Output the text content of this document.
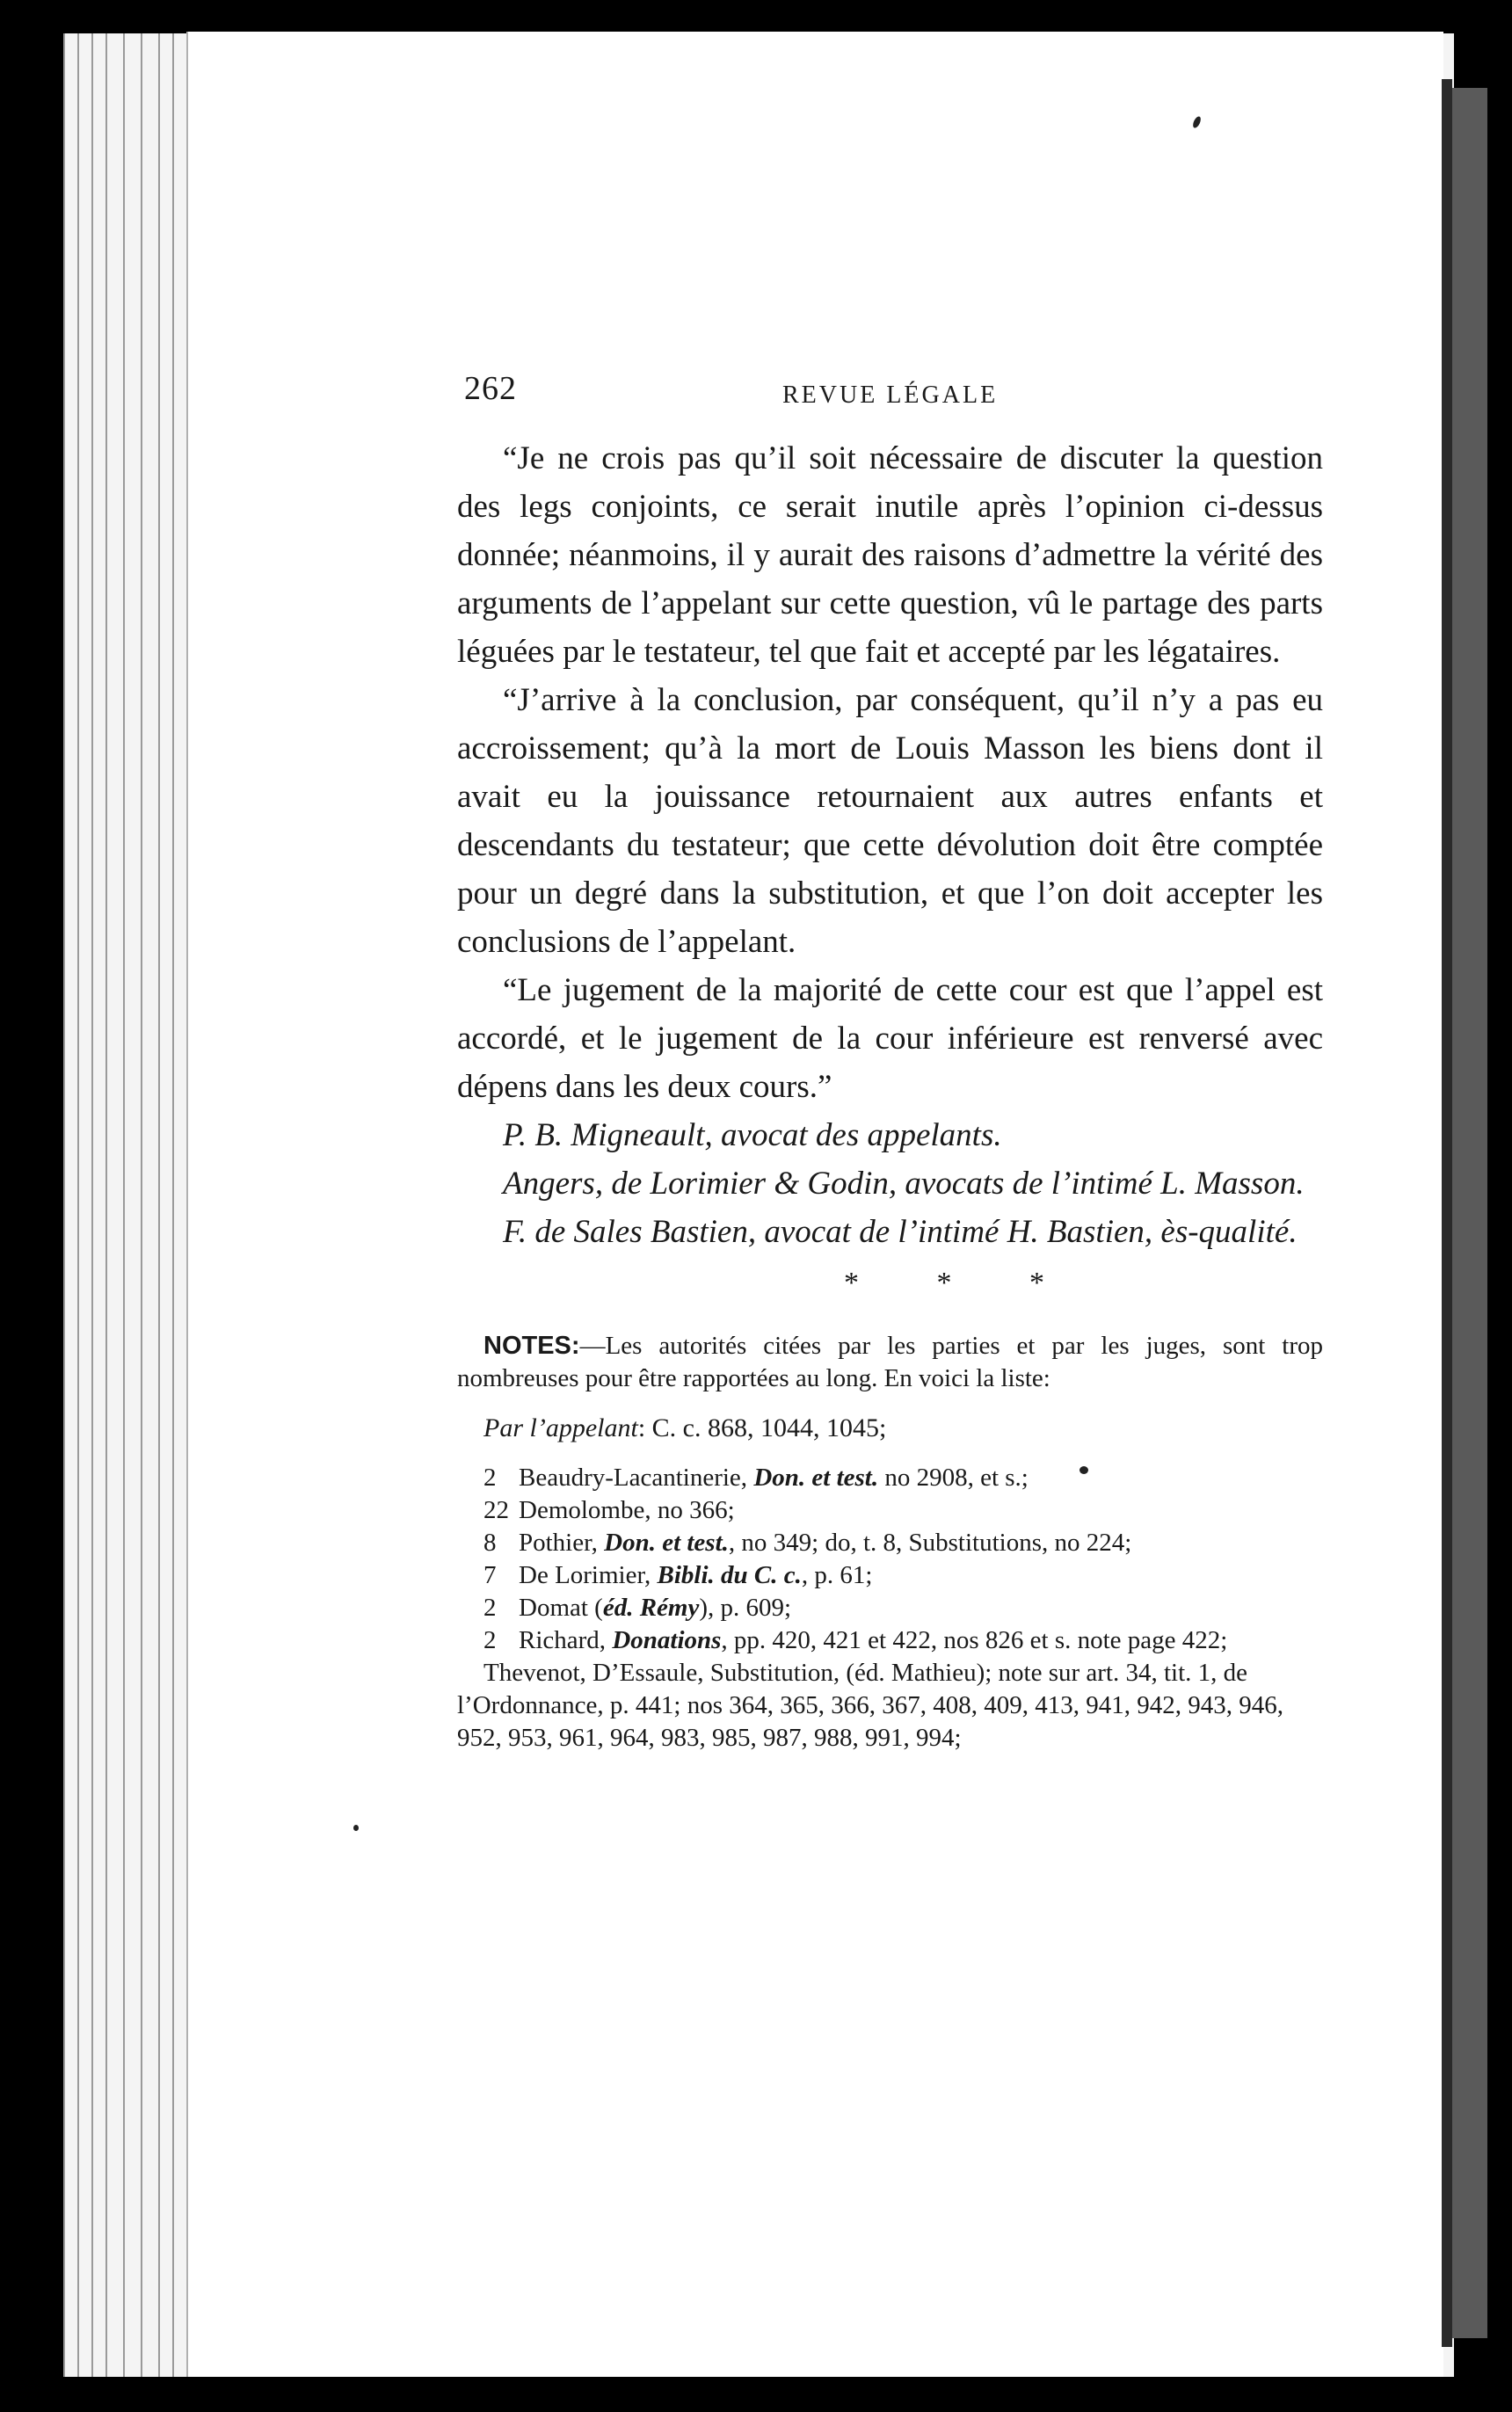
262	REVUE LÉGALE

“Je ne crois pas qu’il soit nécessaire de discuter la question des legs conjoints, ce serait inutile après l’opinion ci-dessus donnée; néanmoins, il y aurait des raisons d’admettre la vérité des arguments de l’appelant sur cette question, vû le partage des parts léguées par le testateur, tel que fait et accepté par les légataires.

“J’arrive à la conclusion, par conséquent, qu’il n’y a pas eu accroissement; qu’à la mort de Louis Masson les biens dont il avait eu la jouissance retournaient aux autres enfants et descendants du testateur; que cette dévolution doit être comptée pour un degré dans la substitution, et que l’on doit accepter les conclusions de l’appelant.

“Le jugement de la majorité de cette cour est que l’appel est accordé, et le jugement de la cour inférieure est renversé avec dépens dans les deux cours.”

P. B. Migneault, avocat des appelants.

Angers, de Lorimier & Godin, avocats de l’intimé L. Masson.

F. de Sales Bastien, avocat de l’intimé H. Bastien, ès-qualité.

* * *

NOTES:—Les autorités citées par les parties et par les juges, sont trop nombreuses pour être rapportées au long. En voici la liste:

Par l’appelant: C. c. 868, 1044, 1045;

2 Beaudry-Lacantinerie, Don. et test. no 2908, et s.;

22 Demolombe, no 366;

8 Pothier, Don. et test., no 349; do, t. 8, Substitutions, no 224;

7 De Lorimier, Bibli. du C. c., p. 61;

2 Domat (éd. Rémy), p. 609;

2 Richard, Donations, pp. 420, 421 et 422, nos 826 et s. note page 422;

Thevenot, D’Essaule, Substitution, (éd. Mathieu); note sur art. 34, tit. 1, de l’Ordonnance, p. 441; nos 364, 365, 366, 367, 408, 409, 413, 941, 942, 943, 946, 952, 953, 961, 964, 983, 985, 987, 988, 991, 994;
